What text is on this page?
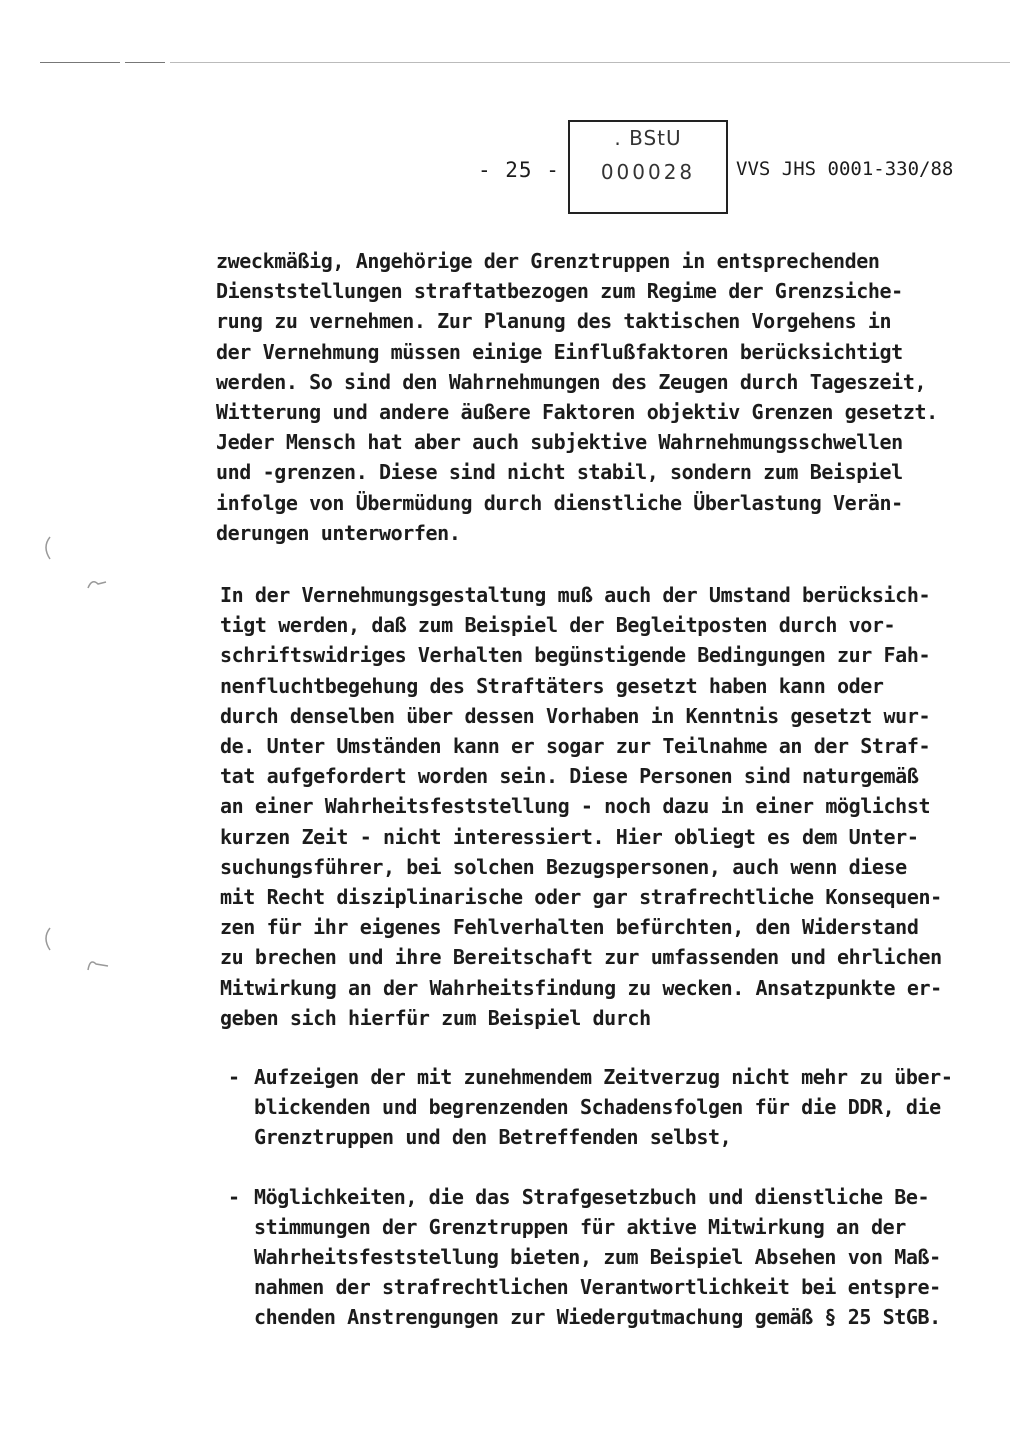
- 25 -
. BStU
000028	VVS JHS 0001-330/88
zweckmäßig, Angehörige der Grenztruppen in entsprechenden
Dienststellungen straftatbezogen zum Regime der Grenzsiche-
rung zu vernehmen. Zur Planung des taktischen Vorgehens in
der Vernehmung müssen einige Einflußfaktoren berücksichtigt
werden. So sind den Wahrnehmungen des Zeugen durch Tageszeit,
Witterung und andere äußere Faktoren objektiv Grenzen gesetzt.
Jeder Mensch hat aber auch subjektive Wahrnehmungsschwellen
und -grenzen. Diese sind nicht stabil, sondern zum Beispiel
infolge von Übermüdung durch dienstliche Überlastung Verän-
derungen unterworfen.
In der Vernehmungsgestaltung muß auch der Umstand berücksich-
tigt werden, daß zum Beispiel der Begleitposten durch vor-
schriftswidriges Verhalten begünstigende Bedingungen zur Fah-
nenfluchtbegehung des Straftäters gesetzt haben kann oder
durch denselben über dessen Vorhaben in Kenntnis gesetzt wur-
de. Unter Umständen kann er sogar zur Teilnahme an der Straf-
tat aufgefordert worden sein. Diese Personen sind naturgemäß
an einer Wahrheitsfeststellung - noch dazu in einer möglichst
kurzen Zeit - nicht interessiert. Hier obliegt es dem Unter-
suchungsführer, bei solchen Bezugspersonen, auch wenn diese
mit Recht disziplinarische oder gar strafrechtliche Konsequen-
zen für ihr eigenes Fehlverhalten befürchten, den Widerstand
zu brechen und ihre Bereitschaft zur umfassenden und ehrlichen
Mitwirkung an der Wahrheitsfindung zu wecken. Ansatzpunkte er-
geben sich hierfür zum Beispiel durch
- Aufzeigen der mit zunehmendem Zeitverzug nicht mehr zu über-
blickenden und begrenzenden Schadensfolgen für die DDR, die
Grenztruppen und den Betreffenden selbst,
- Möglichkeiten, die das Strafgesetzbuch und dienstliche Be-
stimmungen der Grenztruppen für aktive Mitwirkung an der
Wahrheitsfeststellung bieten, zum Beispiel Absehen von Maß-
nahmen der strafrechtlichen Verantwortlichkeit bei entspre-
chenden Anstrengungen zur Wiedergutmachung gemäß § 25 StGB.
